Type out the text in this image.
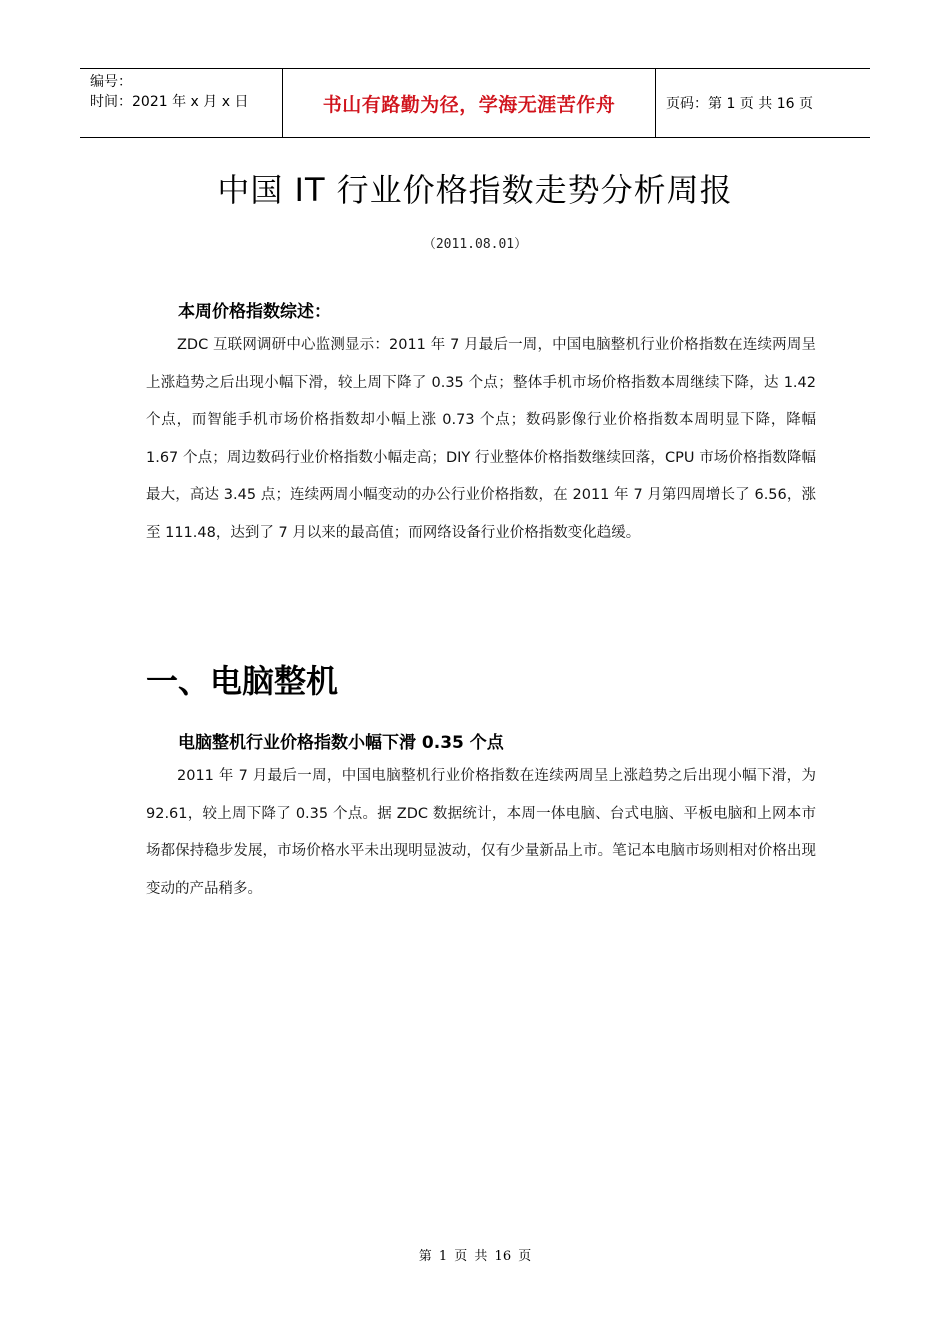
编号：
时间：2021 年 x 月 x 日	书山有路勤为径，学海无涯苦作舟	页码：第 1 页 共 16 页
中国 IT 行业价格指数走势分析周报
（2011.08.01）
本周价格指数综述：
ZDC 互联网调研中心监测显示：2011 年 7 月最后一周，中国电脑整机行业价格指数在连续两周呈上涨趋势之后出现小幅下滑，较上周下降了 0.35 个点；整体手机市场价格指数本周继续下降，达 1.42 个点，而智能手机市场价格指数却小幅上涨 0.73 个点；数码影像行业价格指数本周明显下降，降幅 1.67 个点；周边数码行业价格指数小幅走高；DIY 行业整体价格指数继续回落，CPU 市场价格指数降幅最大，高达 3.45 点；连续两周小幅变动的办公行业价格指数，在 2011 年 7 月第四周增长了 6.56，涨至 111.48，达到了 7 月以来的最高值；而网络设备行业价格指数变化趋缓。
一、电脑整机
电脑整机行业价格指数小幅下滑 0.35 个点
2011 年 7 月最后一周，中国电脑整机行业价格指数在连续两周呈上涨趋势之后出现小幅下滑，为 92.61，较上周下降了 0.35 个点。据 ZDC 数据统计，本周一体电脑、台式电脑、平板电脑和上网本市场都保持稳步发展，市场价格水平未出现明显波动，仅有少量新品上市。笔记本电脑市场则相对价格出现变动的产品稍多。
第 1 页 共 16 页
